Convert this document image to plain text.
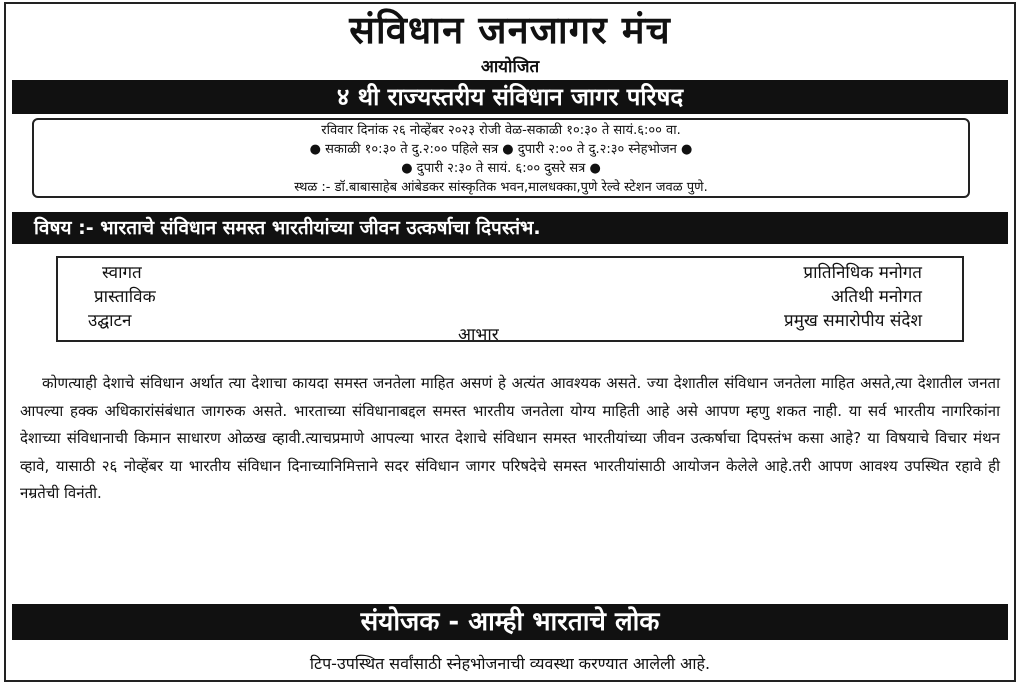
संविधान जनजागर मंच
आयोजित
४ थी राज्यस्तरीय संविधान जागर परिषद
रविवार दिनांक २६ नोव्हेंबर २०२३ रोजी वेळ-सकाळी १०:३० ते सायं.६:०० वा.
● सकाळी १०:३० ते दु.२:०० पहिले सत्र ● दुपारी २:०० ते दु.२:३० स्नेहभोजन ●
● दुपारी २:३० ते सायं. ६:०० दुसरे सत्र ●
स्थळ :- डॉ.बाबासाहेब आंबेडकर सांस्कृतिक भवन,मालधक्का,पुणे रेल्वे स्टेशन जवळ पुणे.
विषय :- भारताचे संविधान समस्त भारतीयांच्या जीवन उत्कर्षाचा दिपस्तंभ.
स्वागत
प्रास्ताविक
उद्घाटन
प्रातिनिधिक मनोगत
अतिथी मनोगत
प्रमुख समारोपीय संदेश
आभार
कोणत्याही देशाचे संविधान अर्थात त्या देशाचा कायदा समस्त जनतेला माहित असणं हे अत्यंत आवश्यक असते. ज्या देशातील संविधान जनतेला माहित असते,त्या देशातील जनता आपल्या हक्क अधिकारांसंबंधात जागरुक असते. भारताच्या संविधानाबद्दल समस्त भारतीय जनतेला योग्य माहिती आहे असे आपण म्हणु शकत नाही. या सर्व भारतीय नागरिकांना देशाच्या संविधानाची किमान साधारण ओळख व्हावी.त्याचप्रमाणे आपल्या भारत देशाचे संविधान समस्त भारतीयांच्या जीवन उत्कर्षाचा दिपस्तंभ कसा आहे? या विषयाचे विचार मंथन व्हावे, यासाठी २६ नोव्हेंबर या भारतीय संविधान दिनाच्यानिमित्ताने सदर संविधान जागर परिषदेचे समस्त भारतीयांसाठी आयोजन केलेले आहे.तरी आपण आवश्य उपस्थित रहावे ही नम्रतेची विनंती.
संयोजक - आम्ही भारताचे लोक
टिप-उपस्थित सर्वांसाठी स्नेहभोजनाची व्यवस्था करण्यात आलेली आहे.
